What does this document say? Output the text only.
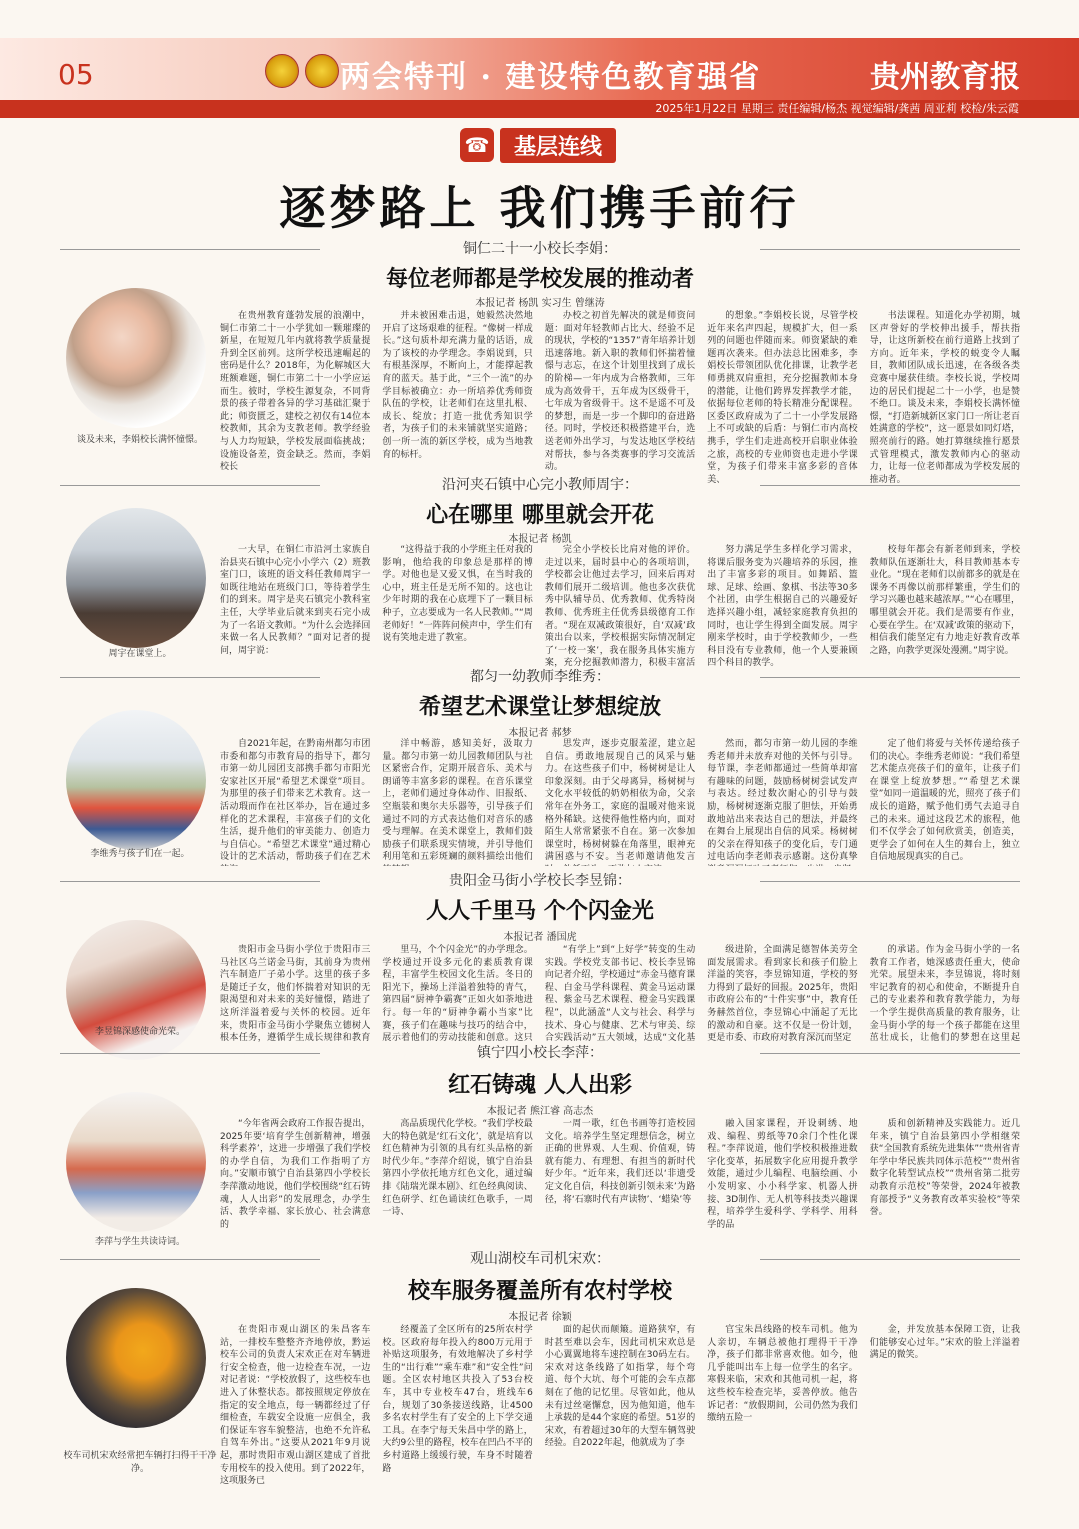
05	两会特刊 · 建设特色教育强省	贵州教育报
2025年1月22日 星期三 责任编辑/杨杰 视觉编辑/龚茜 周亚莉 校检/朱云霞
☎	基层连线
逐梦路上 我们携手前行
铜仁二十一小校长李娟：
每位老师都是学校发展的推动者
本报记者 杨凯 实习生 曾继涛
谈及未来，李娟校长满怀憧憬。
在贵州教育蓬勃发展的浪潮中，铜仁市第二十一小学犹如一颗璀璨的新星，在短短几年内就将教学质量提升到全区前列。这所学校迅速崛起的密码是什么？2018年，为化解城区大班额难题，铜仁市第二十一小学应运而生。彼时，学校生源复杂，不同背景的孩子带着各异的学习基础汇聚于此；师资匮乏，建校之初仅有14位本校教师，其余为支教老师。教学经验与人力均短缺，学校发展面临挑战；设施设备差，资金缺乏。然而，李娟校长
并未被困难击退，她毅然决然地开启了这场艰难的征程。“像树一样成长。”这句质朴却充满力量的话语，成为了该校的办学理念。李娟说到，只有根基深厚，不断向上，才能撑起教育的蓝天。基于此，“三个一流”的办学目标被确立：办一所培养优秀师资队伍的学校，让老师们在这里扎根、成长、绽放；打造一批优秀知识学者，为孩子们的未来铺就坚实道路；创一所一流的新区学校，成为当地教育的标杆。
办校之初首先解决的就是师资问题：面对年轻教师占比大、经验不足的现状，学校的“1357”青年培养计划迅速落地。新入职的教师们怀揣着憧憬与志忘，在这个计划里找到了成长的阶梯—一年内成为合格教师，三年成为高效骨干，五年成为区级骨干，七年成为省级骨干。这不是遥不可及的梦想，而是一步一个脚印的奋进路径。同时，学校还积极搭建平台，选送老师外出学习，与发达地区学校结对帮扶，参与各类赛事的学习交流活动。
的想象。”李娟校长说，尽管学校近年来名声四起，规模扩大，但一系列的问题也伴随而来。师资紧缺的难题再次袭来。但办法总比困难多，李娟校长带领团队优化排课，让教学老师勇挑双肩重担，充分挖掘教师本身的潜能，让他们跨界发挥教学才能，依据每位老师的特长精准分配课程。区委区政府成为了二十一小学发展路上不可或缺的后盾：与铜仁市内高校携手，学生们走进高校开启职业体验之旅，高校的专业师资也走进小学课堂，为孩子们带来丰富多彩的音体美、
书法课程。知道化办学初期，城区声誉好的学校伸出援手，帮扶指导，让这所新校在前行道路上找到了方向。近年来，学校的蜕变令人瞩目，教师团队成长迅速，在各级各类竞赛中屡获佳绩。李校长说，学校周边的居民们提起二十一小学，也是赞不绝口。谈及未来，李娟校长满怀憧憬，“打造新城新区家门口一所让老百姓满意的学校”，这一愿景如同灯塔，照亮前行的路。她打算继续推行愿景式管理模式，激发教师内心的驱动力，让每一位老师都成为学校发展的推动者。
沿河夹石镇中心完小教师周宇：
心在哪里 哪里就会开花
本报记者 杨凯
周宇在课堂上。
一大早，在铜仁市沿河土家族自治县夹石镇中心完小小学六（2）班教室门口，该班的语文科任教师周宇一如既往地站在班级门口，等待着学生们的到来。周宇是夹石镇完小教科室主任，大学毕业后就来到夹石完小成为了一名语文教师。“为什么会选择回来做一名人民教师？”面对记者的提问，周宇说：
“这得益于我的小学班主任对我的影响，他给我的印象总是那样的博学。对他也是又爱又惧，在当时我的心中，班主任是无所不知的。这也让少年时期的我在心底埋下了一颗目标种子，立志要成为一名人民教师。”“周老师好！”一阵阵问候声中，学生们有说有笑地走进了教室。
完全小学校长比肩对他的评价。走过以来，届时县中心的各项培训，学校都会让他过去学习，回来后再对教师们展开二级培训。他也多次获优秀中队辅导员、优秀教师、优秀特岗教师、优秀班主任优秀县级德育工作者。“现在双减政策很好，自‘双减’政策出台以来，学校根据实际情况制定了‘一校一案’，我在服务具体实施方案，充分挖掘教师潜力，积极丰富活
努力满足学生多样化学习需求，将课后服务变为兴趣培养的乐园，推出了丰富多彩的项目。如舞蹈、篮球、足球、绘画、象棋、书法等30多个社团，由学生根据自己的兴趣爱好选择兴趣小组，减轻家庭教育负担的同时，也让学生得到全面发展。周宇刚来学校时，由于学校教师少，一些科目没有专业教师，他一个人要兼顾四个科目的教学。
校每年都会有新老师到来，学校教师队伍逐渐壮大，科目教师基本专业化。“现在老师们以前都多的就是在课务不再像以前那样繁重，学生们的学习兴趣也越来越浓厚。”“心在哪里，哪里就会开花。我们是需要有作业，心要在学生。在‘双减’政策的驱动下，相信我们能坚定有力地走好教育改革之路，向教学更深处漫溯。”周宇说。
都匀一幼教师李维秀：
希望艺术课堂让梦想绽放
本报记者 郝梦
李维秀与孩子们在一起。
自2021年起，在黔南州都匀市团市委和都匀市教育局的指导下，都匀市第一幼儿园团支部携手都匀市阳光安家社区开展“希望艺术课堂”项目。为那里的孩子们带来艺术教育。这一活动瑕而作在社区举办，旨在通过多样化的艺术课程，丰富孩子们的文化生活，提升他们的审美能力、创造力与自信心。“希望艺术课堂”通过精心设计的艺术活动，帮助孩子们在艺术
洋中畅游，感知美好，汲取力量。都匀市第一幼儿园教师团队与社区紧密合作，定期开展音乐、美术与朗诵等丰富多彩的课程。在音乐课堂上，老师们通过身体动作、旧报纸、空瓶装和奥尔夫乐器等，引导孩子们通过不同的方式表达他们对音乐的感受与理解。在美术课堂上，教师们鼓励孩子们联系现实情境，并引导他们利用笔和五彩斑斓的颜料描绘出他们
思发声，逐步克服羞涩，建立起自信。勇敢地展现自己的风采与魅力。在这些孩子们中，杨树树是让人印象深刻。由于父母离异，杨树树与文化水平较低的奶奶相依为命，父亲常年在外务工，家庭的温暖对他来说格外稀缺。这使得他性格内向，面对陌生人常常紧张不自在。第一次参加课堂时，杨树树躲在角落里，眼神充满困惑与不安。当老师邀请他发言
然而，都匀市第一幼儿园的李维秀老师并未放弃对他的关怀与引导。每节课，李老师都通过一些简单却富有趣味的问题，鼓励杨树树尝试发声与表达。经过数次耐心的引导与鼓励，杨树树逐渐克服了胆怯，开始勇敢地站出来表达自己的想法，并最终在舞台上展现出自信的风采。杨树树的父亲在得知孩子的变化后，专门通过电话向李老师表示感谢。这份真挚
定了他们将爱与关怀传递给孩子们的决心。李维秀老师说：“我们希望艺术能点亮孩子们的童年，让孩子们在课堂上绽放梦想。”“希望艺术课堂”如同一道温暖的光，照亮了孩子们成长的道路，赋予他们勇气去追寻自己的未来。通过这段艺术的旅程，他们不仅学会了如何欣赏美，创造美，更学会了如何在人生的舞台上，独立自信地展现真实的自己。
贵阳金马街小学校长李昱锦：
人人千里马 个个闪金光
本报记者 潘国虎
李昱锦深感使命光荣。
贵阳市金马街小学位于贵阳市三马社区乌兰诺金马街，其前身为贵州汽车制造厂子弟小学。这里的孩子多是随迁子女，他们怀揣着对知识的无限渴望和对未来的美好憧憬，踏进了这所洋溢着爱与关怀的校园。近年来，贵阳市金马街小学聚焦立德树人根本任务，遵循学生成长规律和教育
里马，个个闪金光”的办学理念。学校通过开设多元化的素质教育课程，丰富学生校园文化生活。冬日的阳光下，操场上洋溢着独特的青气，第四届“厨神争霸赛”正如火如荼地进行。每一年的“厨神争霸小当家”比赛，孩子们在趣味与技巧的结合中，展示着他们的劳动技能和创意。这只
“有学上”到“上好学”转变的生动实践。学校党支部书记、校长李昱锦向记者介绍，学校通过“赤金马德育课程、白金马学科课程、黄金马运动课程、紫金马艺术课程、橙金马实践课程”，以此涵盖“人文与社会、科学与技术、身心与健康、艺术与审美、综合实践活动”五大领域，达成“文化基
级进阶，全面满足德智体美劳全面发展需求。看到家长和孩子们脸上洋溢的笑容，李昱锦知道，学校的努力得到了最好的回报。2025年，贵阳市政府公布的“十件实事”中，教育任务赫然首位，李昱锦心中涌起了无比的激动和自豪。这不仅是一份计划，更是市委、市政府对教育深沉而坚定
的承诺。作为金马街小学的一名教育工作者，她深感责任重大，使命光荣。展望未来，李昱锦说，将时刻牢记教育的初心和使命，不断提升自己的专业素养和教育教学能力，为每一个学生提供高质量的教育服务，让金马街小学的每一个孩子都能在这里茁壮成长，让他们的梦想在这里起
镇宁四小校长李萍：
红石铸魂 人人出彩
本报记者 熊江睿 高志杰
李萍与学生共读诗词。
“今年省两会政府工作报告提出，2025年要‘培育学生创新精神，增强科学素养’，这进一步增强了我们学校的办学自信，为我们工作指明了方向。”安顺市镇宁自治县第四小学校长李萍激动地说，他们学校围绕“红石铸魂，人人出彩”的发展理念，办学生活、教学幸福、家长放心、社会满意的
高品质现代化学校。“我们学校最大的特色就是‘红石文化’，就是培育以红色精神为引领的具有红头品格的新时代少年。”李萍介绍说，镇宁自治县第四小学依托地方红色文化，通过编排《陆瑞光课本剧》、红色经典阅读、红色研学、红色诵读红色歌手，一周一诗、
一周一歌，红色书画等打造校园文化。培养学生坚定理想信念，树立正确的世界观、人生观、价值观，铸就有能力、有理想、有担当的新时代好少年。“近年来，我们还以‘非遗受定文化自信，科技创新引领未来’为路径，将‘石寨时代有声读物’、‘蜡染’等
融入国家课程，开设刺绣、地戏、编程、剪纸等70余门个性化课程。”李萍说道，他们学校积极推进数字化变革，拓展数字化应用提升教学效能，通过少儿编程、电脑绘画、小小发明家、小小科学家、机器人拼接、3D制作、无人机等科技类兴趣课程，培养学生爱科学、学科学、用科学的品
质和创新精神及实践能力。近几年来，镇宁自治县第四小学相继荣获“全国教育系统先进集体”“贵州省青年学中华民族共同体示范校”“贵州省数字化转型试点校”“贵州省第二批劳动教育示范校”等荣誉，2024年被教育部授予“义务教育改革实验校”等荣誉。
观山湖校车司机宋欢：
校车服务覆盖所有农村学校
本报记者 徐颖
校车司机宋欢经常把车辆打扫得干干净净。
在贵阳市观山湖区的朱昌客车站，一排校车整整齐齐地停放，黔运校车公司的负责人宋欢正在对车辆进行安全检查，他一边检查车况，一边对记者说：“学校放假了，这些校车也进入了休整状态。都按照规定停放在指定的安全地点，每一辆都经过了仔细检查，车载安全设施一应俱全，我们保证车容车貌整洁，也绝不允许私自驾车外出。”这要从2021年9月说起，那时贵阳市观山湖区建成了首批专用校车的投入使用。到了2022年，这项服务已
经覆盖了全区所有的25所农村学校。区政府每年投入约800万元用于补贴这项服务，有效地解决了乡村学生的“出行难”“乘车难”和“安全性”问题。全区农村地区共投入了53台校车，其中专业校车47台，班线车6台，规划了30条接送线路，让4500多名农村学生有了安全的上下学交通工具。在李宁每天朱昌中学的路上，大约9公里的路程，校车在凹凸不平的乡村道路上缓缓行驶，车身不时随着路
面的起伏而颠簸。道路狭窄，有时甚至难以会车，因此司机宋欢总是小心翼翼地将车速控制在30码左右。宋欢对这条线路了如指掌，每个弯道、每个大坑、每个可能的会车点都刻在了他的记忆里。尽管如此，他从未有过丝毫懈怠，因为他知道，他车上承载的是44个家庭的希望。51岁的宋欢，有着超过30年的大型车辆驾驶经验。自2022年起，他就成为了李
官宝朱昌线路的校车司机。他为人亲切，车辆总被他打理得干干净净，孩子们都非常喜欢他。如今，他几乎能叫出车上每一位学生的名字。寒假来临，宋欢和其他司机一起，将这些校车检查完毕，妥善停放。他告诉记者：“放假期间，公司仍然为我们缴纳五险一
金，并发放基本保障工资，让我们能够安心过年。”宋欢的脸上洋溢着满足的微笑。
